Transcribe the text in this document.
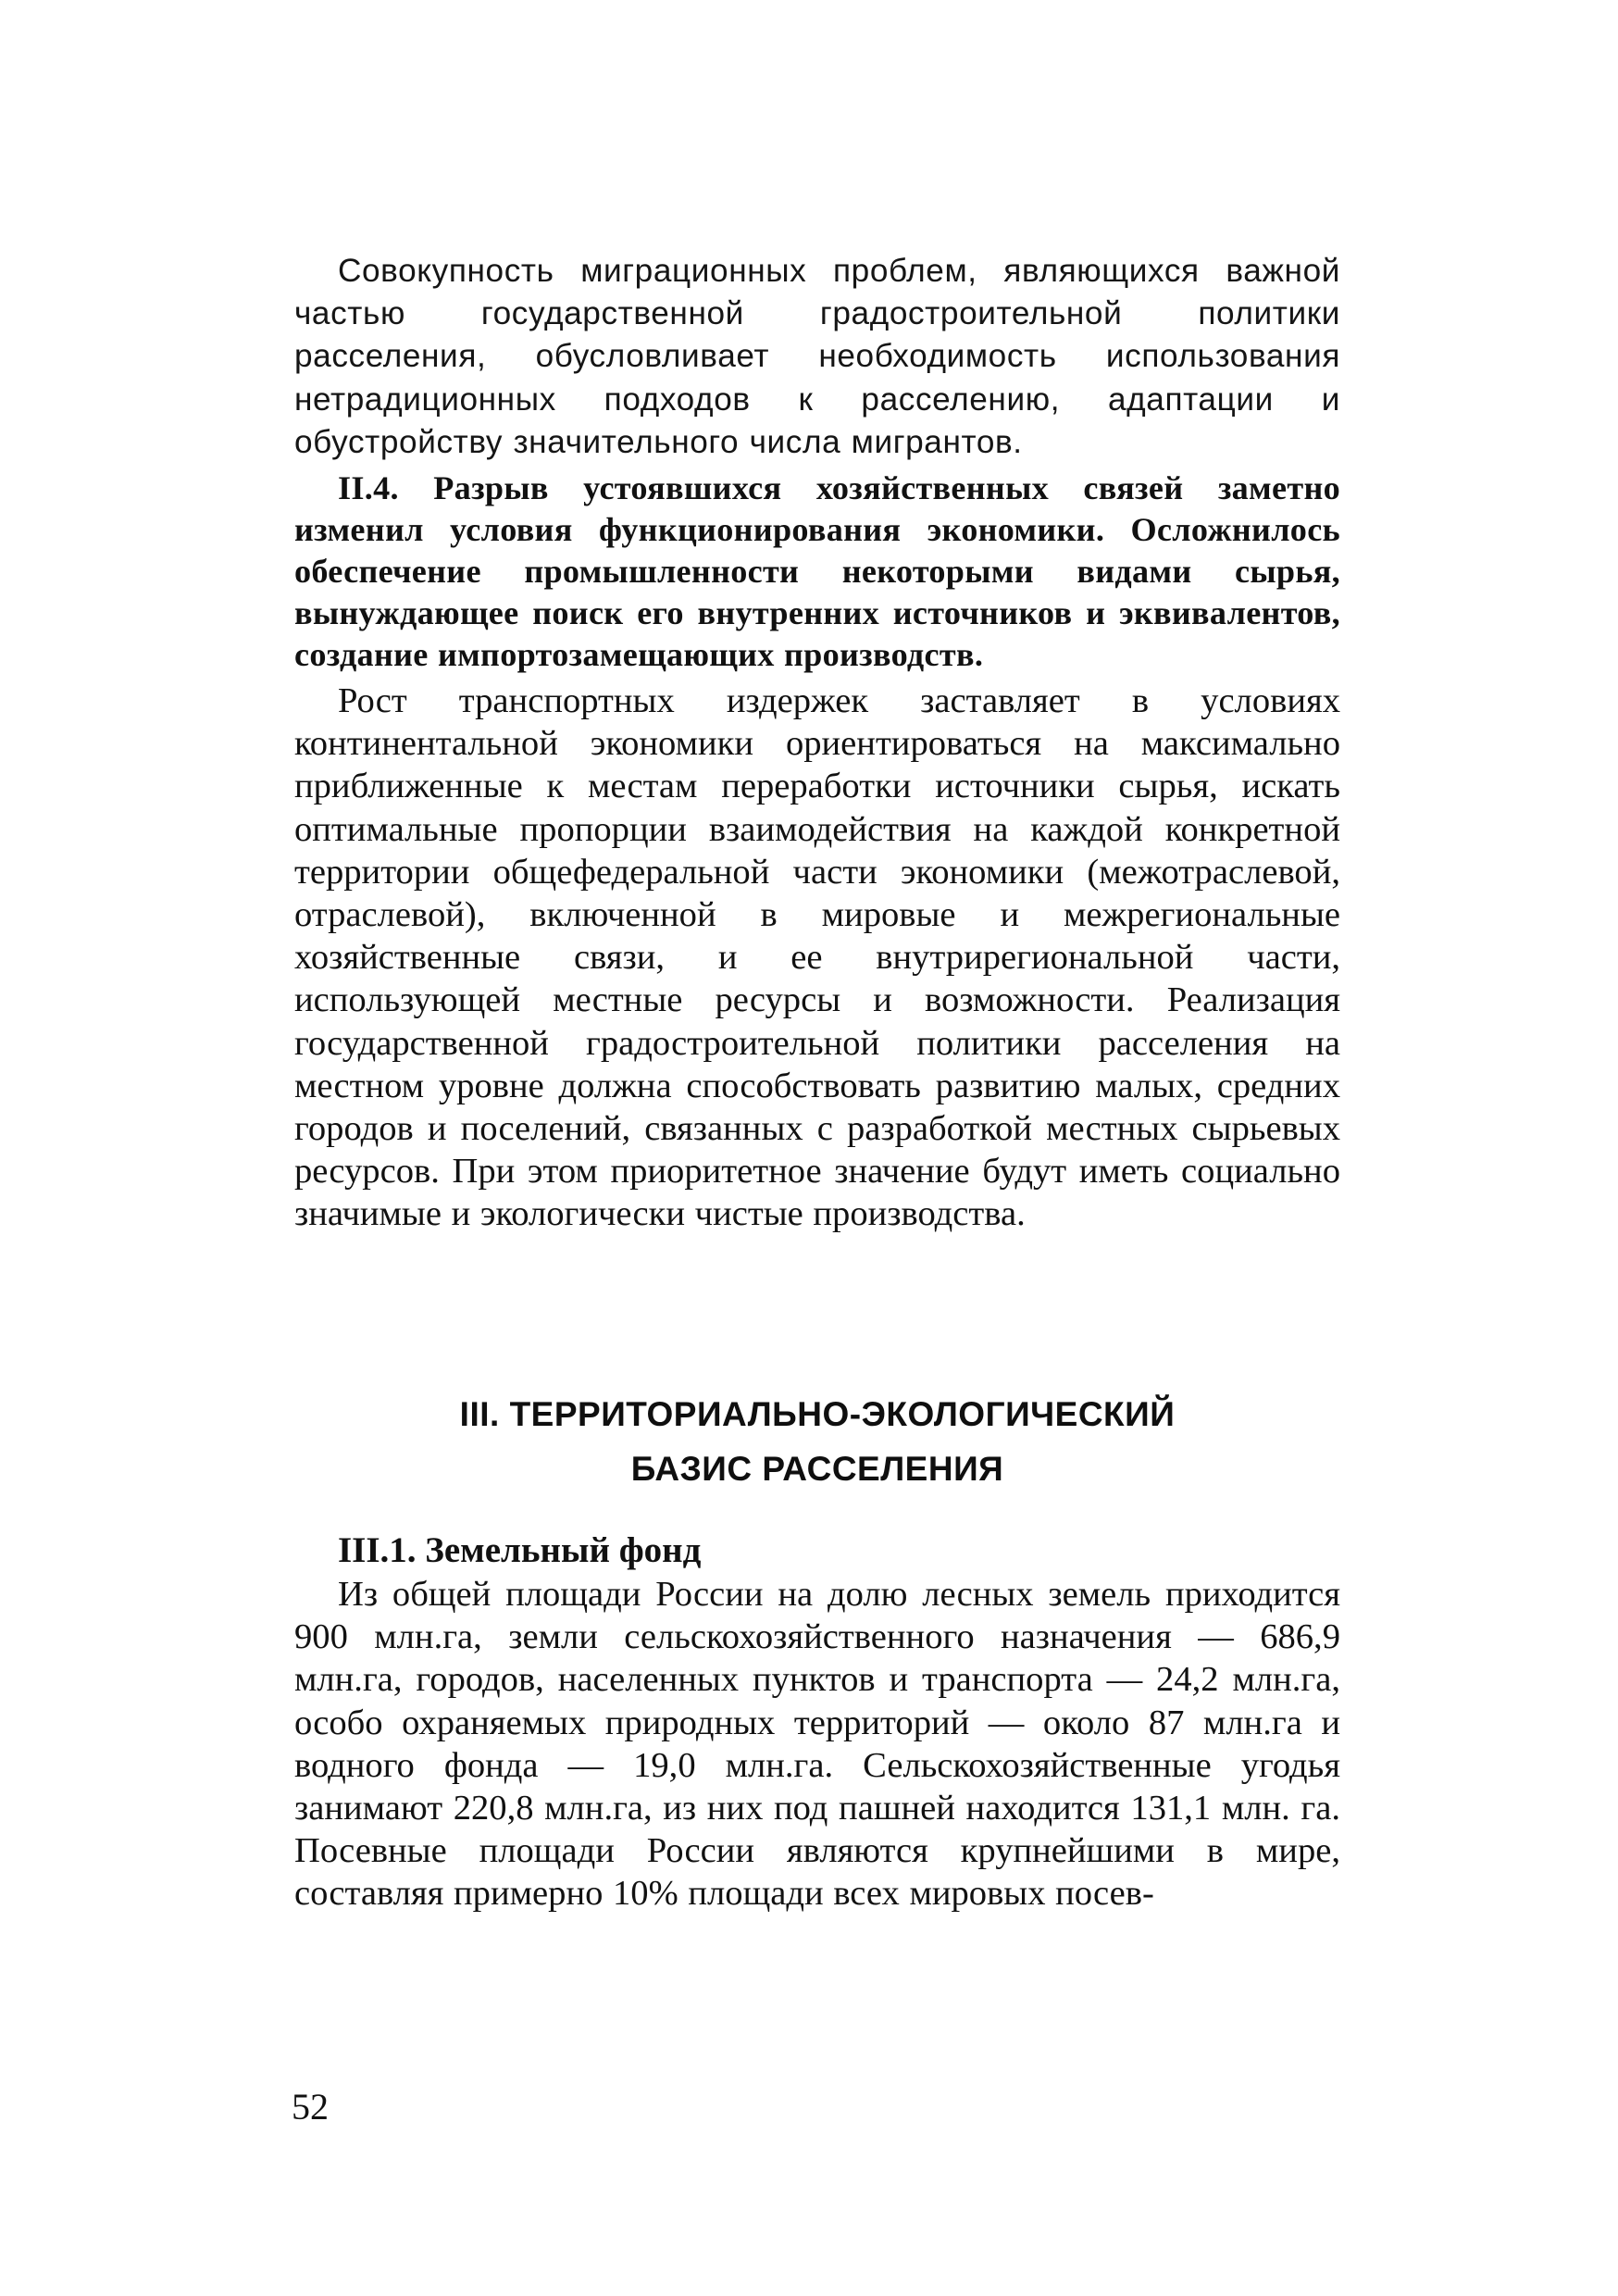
Совокупность миграционных проблем, являющихся важной частью государственной градостроительной политики расселения, обусловливает необходимость использования нетрадиционных подходов к расселению, адаптации и обустройству значительного числа мигрантов.

II.4. Разрыв устоявшихся хозяйственных связей заметно изменил условия функционирования экономики. Осложнилось обеспечение промышленности некоторыми видами сырья, вынуждающее поиск его внутренних источников и эквивалентов, создание импортозамещающих производств.

Рост транспортных издержек заставляет в условиях континентальной экономики ориентироваться на максимально приближенные к местам переработки источники сырья, искать оптимальные пропорции взаимодействия на каждой конкретной территории общефедеральной части экономики (межотраслевой, отраслевой), включенной в мировые и межрегиональные хозяйственные связи, и ее внутрирегиональной части, использующей местные ресурсы и возможности. Реализация государственной градостроительной политики расселения на местном уровне должна способствовать развитию малых, средних городов и поселений, связанных с разработкой местных сырьевых ресурсов. При этом приоритетное значение будут иметь социально значимые и экологически чистые производства.

III. ТЕРРИТОРИАЛЬНО-ЭКОЛОГИЧЕСКИЙ
БАЗИС РАССЕЛЕНИЯ
III.1. Земельный фонд

Из общей площади России на долю лесных земель приходится 900 млн.га, земли сельскохозяйственного назначения — 686,9 млн.га, городов, населенных пунктов и транспорта — 24,2 млн.га, особо охраняемых природных территорий — около 87 млн.га и водного фонда — 19,0 млн.га. Сельскохозяйственные угодья занимают 220,8 млн.га, из них под пашней находится 131,1 млн. га. Посевные площади России являются крупнейшими в мире, составляя примерно 10% площади всех мировых посев-

52
